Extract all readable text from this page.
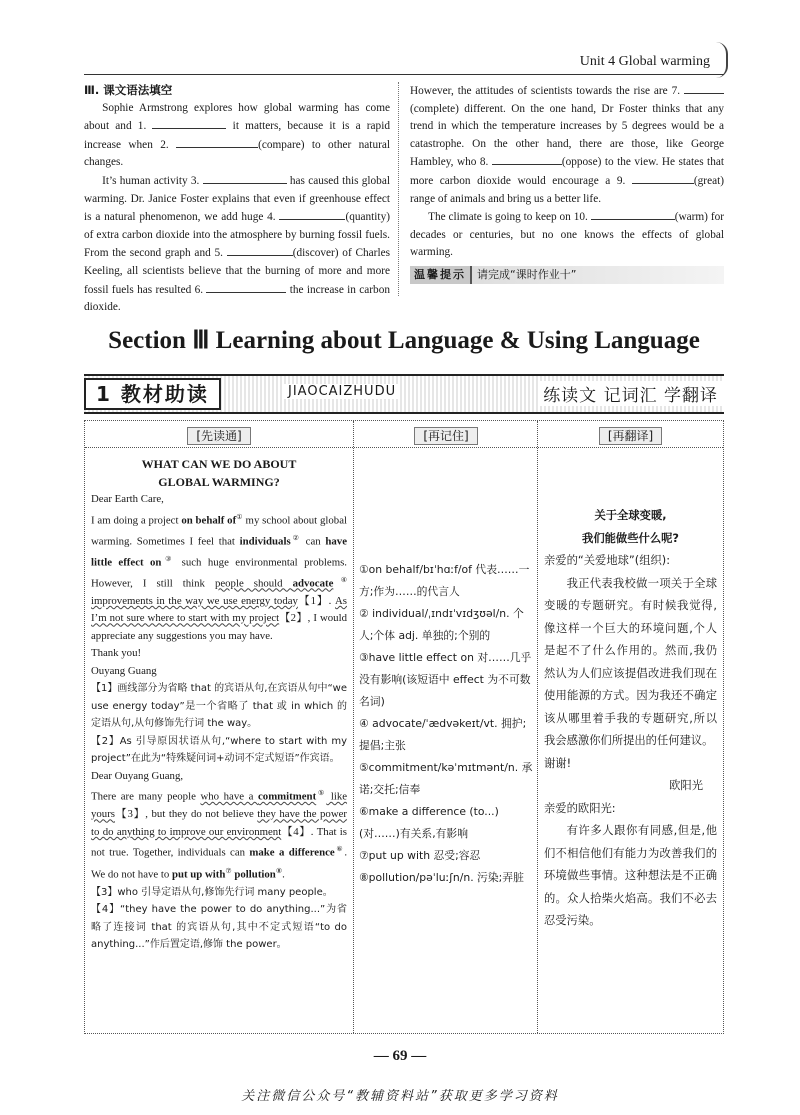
Unit 4 Global warming

Ⅲ. 课文语法填空

Sophie Armstrong explores how global warming has come about and 1.	it matters, because it is a rapid increase when 2.	(compare) to other natural changes.

It’s human activity 3.	has caused this global warming. Dr. Janice Foster explains that even if greenhouse effect is a natural phenomenon, we add huge 4.	(quantity) of extra carbon dioxide into the atmosphere by burning fossil fuels. From the second graph and 5.	(discover) of Charles Keeling, all scientists believe that the burning of more and more fossil fuels has resulted 6.	the increase in carbon dioxide.

However, the attitudes of scientists towards the rise are 7. (complete) different. On the one hand, Dr Foster thinks that any trend in which the temperature increases by 5 degrees would be a catastrophe. On the other hand, there are those, like George Hambley, who 8.	(oppose) to the view. He states that more carbon dioxide would encourage a 9.	(great) range of animals and bring us a better life.

The climate is going to keep on 10.	(warm) for decades or centuries, but no one knows the effects of global warming.

温馨提示	请完成“课时作业十”
Section Ⅲ Learning about Language & Using Language
1 教材助读	JIAOCAIZHUDU	练读文 记词汇 学翻译
[先读通]

WHAT CAN WE DO ABOUT

GLOBAL WARMING?

Dear Earth Care,

I am doing a project on behalf of① my school about global warming. Sometimes I feel that individuals② can have little effect on③ such huge environmental problems. However, I still think people should advocate④ improvements in the way we use energy today【1】. As I’m not sure where to start with my project【2】, I would appreciate any suggestions you may have.

Thank you!

Ouyang Guang

【1】画线部分为省略 that 的宾语从句,在宾语从句中“we use energy today”是一个省略了 that 或 in which 的定语从句,从句修饰先行词 the way。

【2】As 引导原因状语从句,“where to start with my project”在此为“特殊疑问词+动词不定式短语”作宾语。

Dear Ouyang Guang,

There are many people who have a commitment⑤ like yours【3】, but they do not believe they have the power to do anything to improve our environment【4】. That is not true. Together, individuals can make a difference⑥. We do not have to put up with⑦ pollution⑧.

【3】who 引导定语从句,修饰先行词 many people。

【4】“they have the power to do anything...”为省略了连接词 that 的宾语从句,其中不定式短语“to do anything...”作后置定语,修饰 the power。

[再记住]

①on behalf/bɪˈhɑːf/of 代表……一方;作为……的代言人

② individual/ˌɪndɪˈvɪdʒʊəl/n. 个人;个体 adj. 单独的;个别的

③have little effect on 对……几乎没有影响(该短语中 effect 为不可数名词)

④ advocate/ˈædvəkeɪt/vt. 拥护;提倡;主张

⑤commitment/kəˈmɪtmənt/n. 承诺;交托;信奉

⑥make a difference (to...)(对……)有关系,有影响

⑦put up with 忍受;容忍

⑧pollution/pəˈluːʃn/n. 污染;弄脏

[再翻译]

关于全球变暖,

我们能做些什么呢?

亲爱的“关爱地球”(组织):

我正代表我校做一项关于全球变暖的专题研究。有时候我觉得,像这样一个巨大的环境问题,个人是起不了什么作用的。然而,我仍然认为人们应该提倡改进我们现在使用能源的方式。因为我还不确定该从哪里着手我的专题研究,所以我会感激你们所提出的任何建议。

谢谢!

欧阳光

亲爱的欧阳光:

有许多人跟你有同感,但是,他们不相信他们有能力为改善我们的环境做些事情。这种想法是不正确的。众人拾柴火焰高。我们不必去忍受污染。

— 69 —
关注微信公众号“教辅资料站”获取更多学习资料
